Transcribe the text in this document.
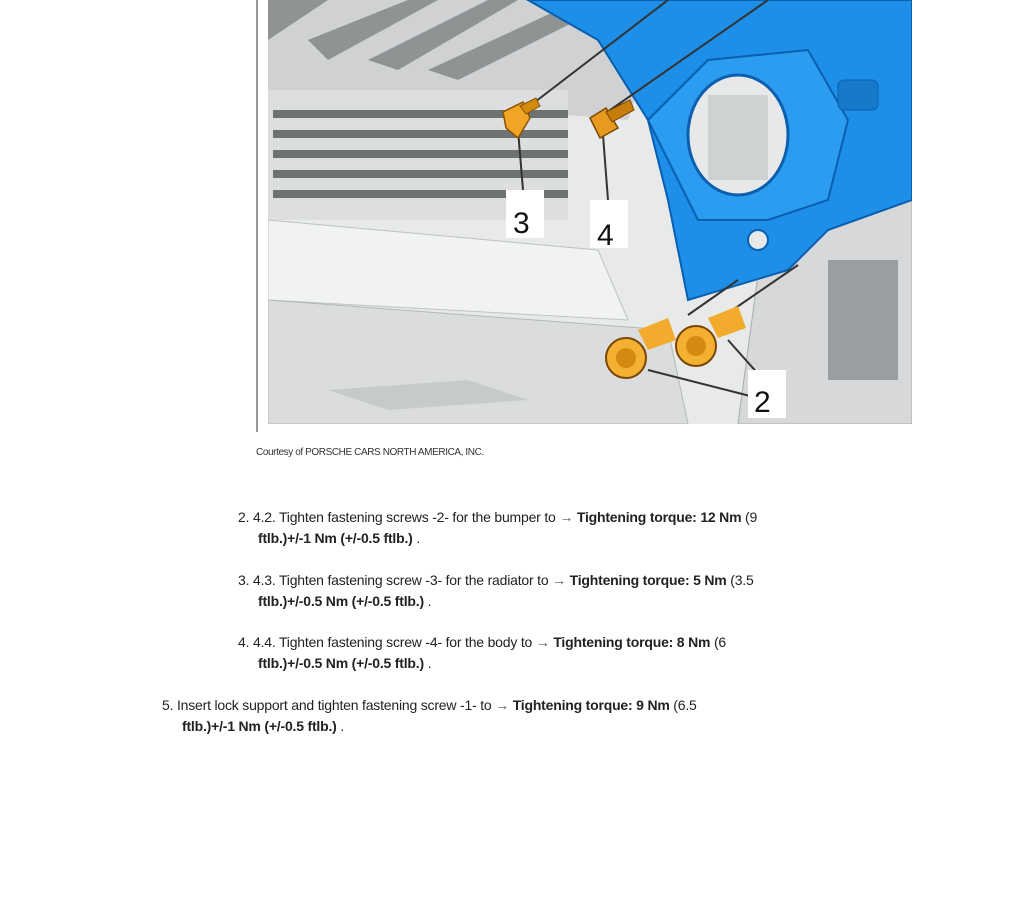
3 4
2
Courtesy of PORSCHE CARS NORTH AMERICA, INC.
2. 4.2. Tighten fastening screws -2- for the bumper to → Tightening torque: 12 Nm (9
ftlb.)+/-1 Nm (+/-0.5 ftlb.) .
3. 4.3. Tighten fastening screw -3- for the radiator to → Tightening torque: 5 Nm (3.5
ftlb.)+/-0.5 Nm (+/-0.5 ftlb.) .
4. 4.4. Tighten fastening screw -4- for the body to → Tightening torque: 8 Nm (6
ftlb.)+/-0.5 Nm (+/-0.5 ftlb.) .
5. Insert lock support and tighten fastening screw -1- to → Tightening torque: 9 Nm (6.5
ftlb.)+/-1 Nm (+/-0.5 ftlb.) .
